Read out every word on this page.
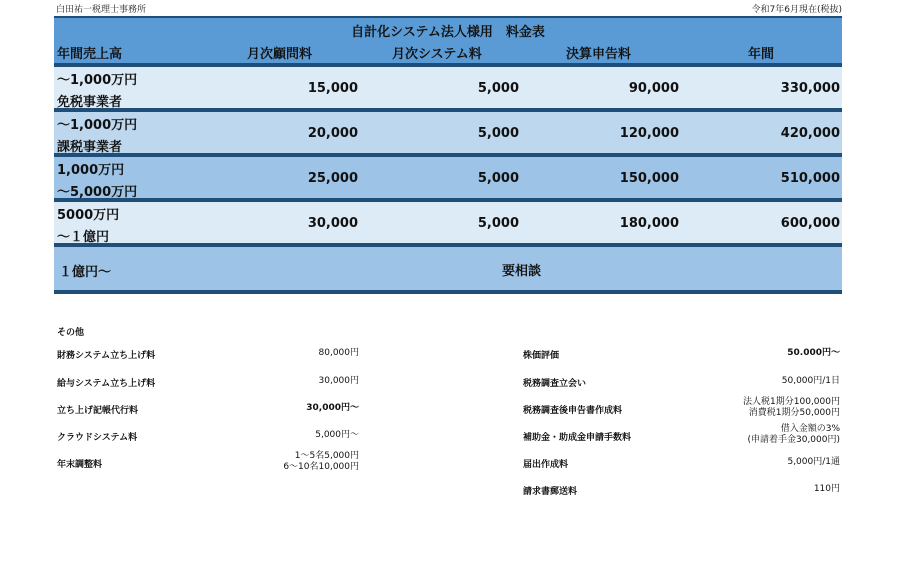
白田祐一税理士事務所	令和7年6月現在(税抜)
自計化システム法人様用　料金表
年間売上高	月次顧問料	月次システム料	決算申告料	年間
～1,000万円
免税事業者
15,000	5,000	90,000	330,000
～1,000万円
課税事業者
20,000	5,000	120,000	420,000
1,000万円
～5,000万円
25,000	5,000	150,000	510,000
5000万円
～１億円
30,000	5,000	180,000	600,000
１億円～	要相談
その他
財務システム立ち上げ料	80,000円
給与システム立ち上げ料	30,000円
立ち上げ記帳代行料	30,000円～
クラウドシステム料	5,000円～
年末調整料
1～5名5,000円
6～10名10,000円
株価評価	50.000円～
税務調査立会い	50,000円/1日
税務調査後申告書作成料
法人税1期分100,000円
消費税1期分50,000円
補助金・助成金申請手数料
借入金額の3%
(申請着手金30,000円)
届出作成料	5,000円/1通
請求書郵送料	110円
